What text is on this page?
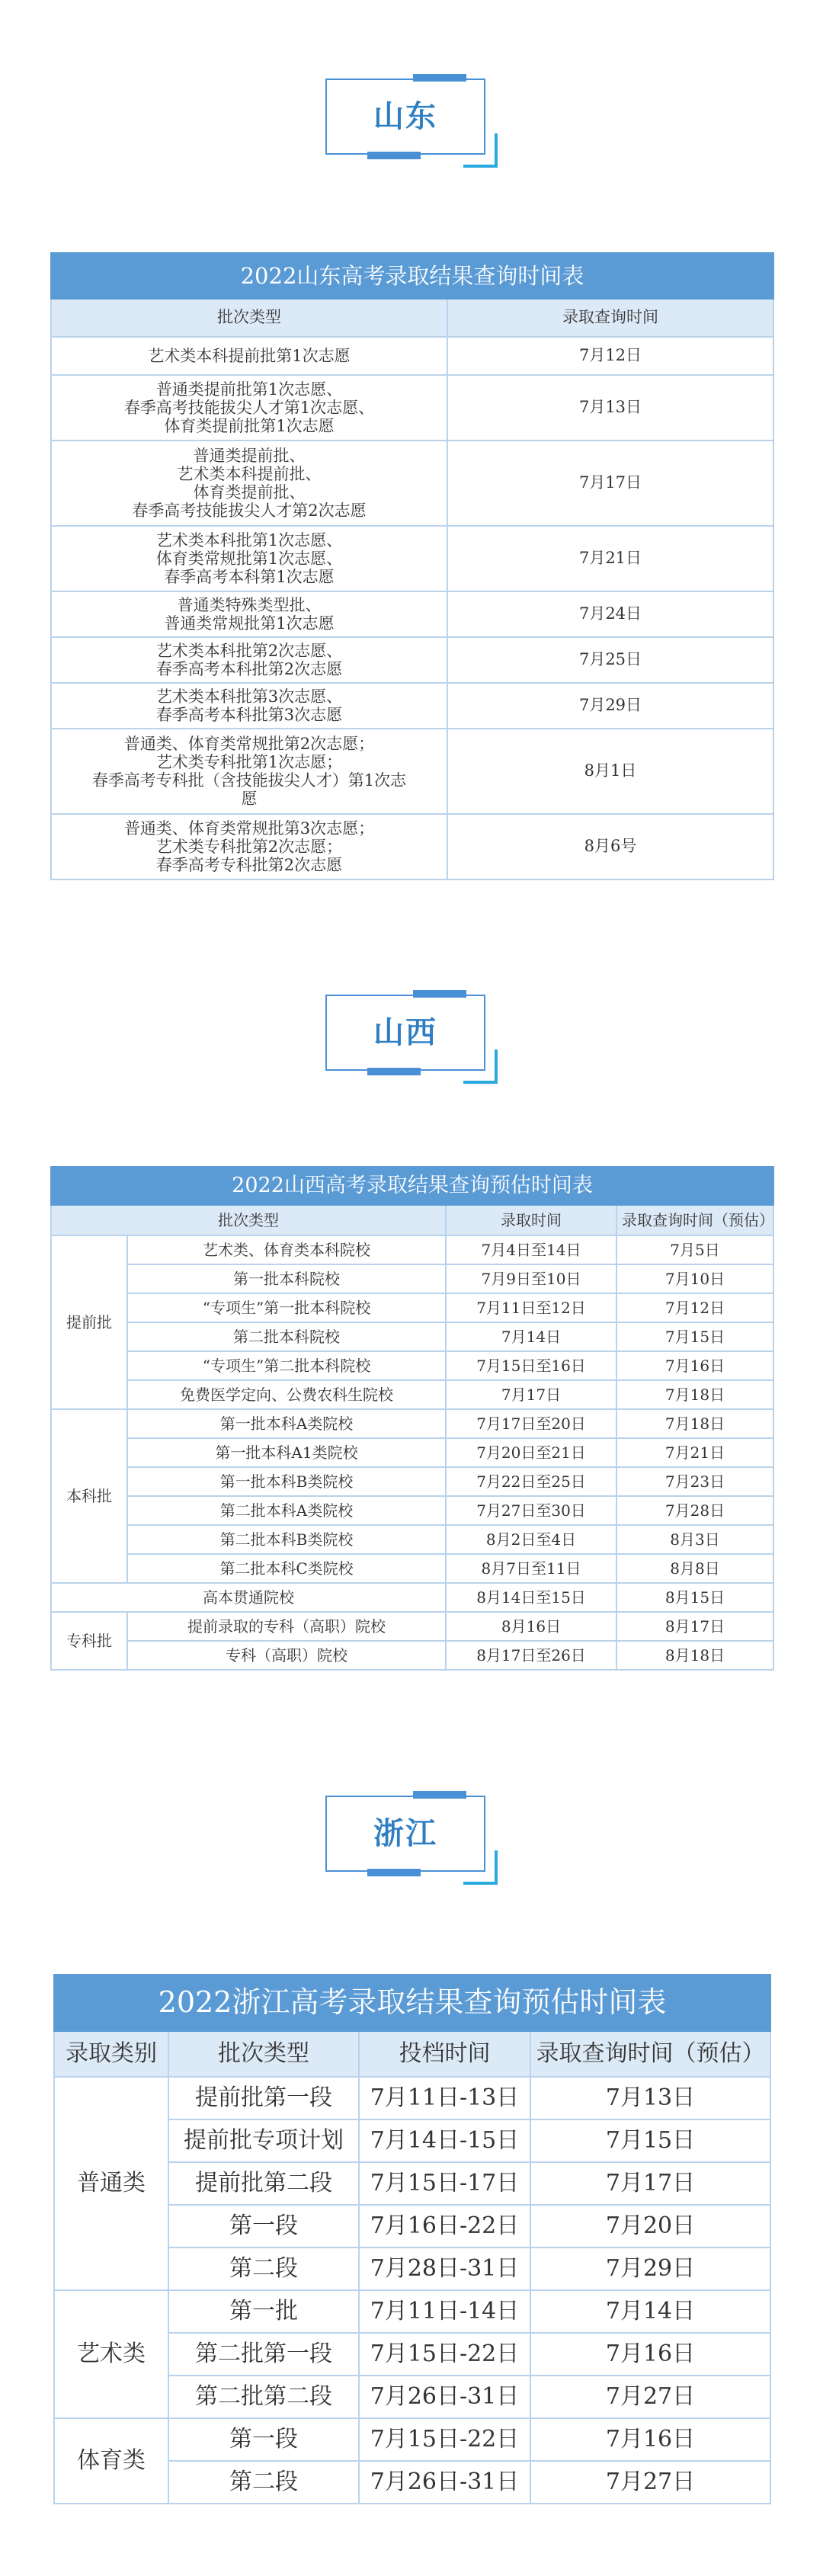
山东
2022山东高考录取结果查询时间表	
批次类型	录取查询时间

艺术类本科提前批第1次志愿	7月12日

普通类提前批第1次志愿、
春季高考技能拔尖人才第1次志愿、
体育类提前批第1次志愿	7月13日

普通类提前批、
艺术类本科提前批、
体育类提前批、
春季高考技能拔尖人才第2次志愿	7月17日

艺术类本科批第1次志愿、
体育类常规批第1次志愿、
春季高考本科第1次志愿	7月21日

普通类特殊类型批、
普通类常规批第1次志愿	7月24日

艺术类本科批第2次志愿、
春季高考本科批第2次志愿	7月25日

艺术类本科批第3次志愿、
春季高考本科批第3次志愿	7月29日

普通类、体育类常规批第2次志愿；
艺术类专科批第1次志愿；
春季高考专科批（含技能拔尖人才）第1次志
愿	8月1日

普通类、体育类常规批第3次志愿；
艺术类专科批第2次志愿；
春季高考专科批第2次志愿	8月6号
山西
2022山西高考录取结果查询预估时间表			
批次类型		录取时间	录取查询时间（预估）
提前批	艺术类、体育类本科院校	7月4日至14日	7月5日
	第一批本科院校	7月9日至10日	7月10日
	“专项生”第一批本科院校	7月11日至12日	7月12日
	第二批本科院校	7月14日	7月15日
	“专项生”第二批本科院校	7月15日至16日	7月16日
	免费医学定向、公费农科生院校	7月17日	7月18日
本科批	第一批本科A类院校	7月17日至20日	7月18日
	第一批本科A1类院校	7月20日至21日	7月21日
	第一批本科B类院校	7月22日至25日	7月23日
	第二批本科A类院校	7月27日至30日	7月28日
	第二批本科B类院校	8月2日至4日	8月3日
	第二批本科C类院校	8月7日至11日	8月8日
高本贯通院校		8月14日至15日	8月15日
专科批	提前录取的专科（高职）院校	8月16日	8月17日
	专科（高职）院校	8月17日至26日	8月18日
浙江
2022浙江高考录取结果查询预估时间表			
录取类别	批次类型	投档时间	录取查询时间（预估）
普通类	提前批第一段	7月11日-13日	7月13日
	提前批专项计划	7月14日-15日	7月15日
	提前批第二段	7月15日-17日	7月17日
	第一段	7月16日-22日	7月20日
	第二段	7月28日-31日	7月29日
艺术类	第一批	7月11日-14日	7月14日
	第二批第一段	7月15日-22日	7月16日
	第二批第二段	7月26日-31日	7月27日
体育类	第一段	7月15日-22日	7月16日
	第二段	7月26日-31日	7月27日
